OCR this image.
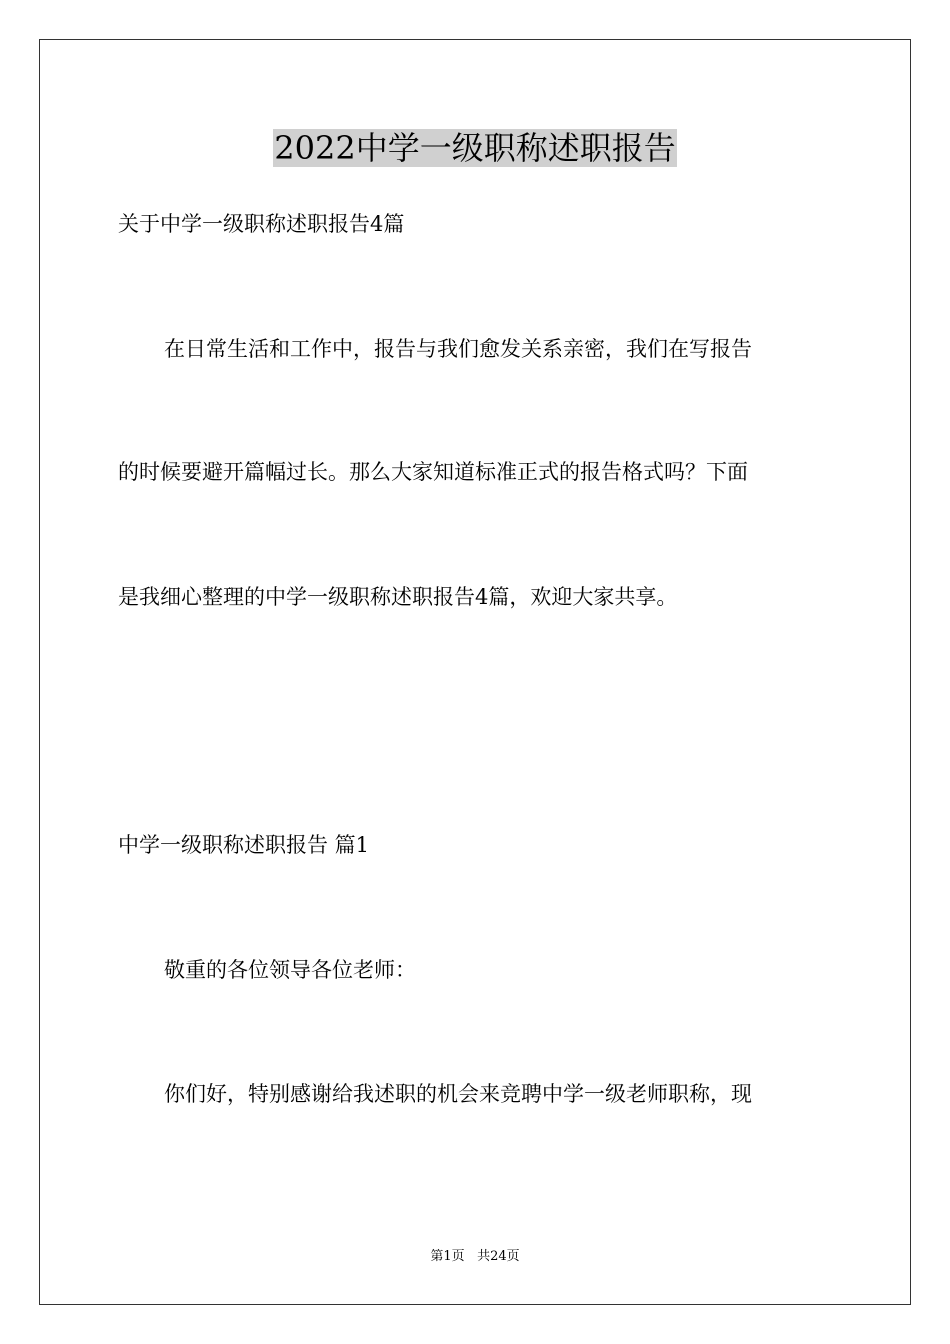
2022中学一级职称述职报告
关于中学一级职称述职报告4篇
在日常生活和工作中，报告与我们愈发关系亲密，我们在写报告
的时候要避开篇幅过长。那么大家知道标准正式的报告格式吗？下面
是我细心整理的中学一级职称述职报告4篇，欢迎大家共享。
中学一级职称述职报告 篇1
敬重的各位领导各位老师：
你们好，特别感谢给我述职的机会来竞聘中学一级老师职称，现
第1页 共24页
